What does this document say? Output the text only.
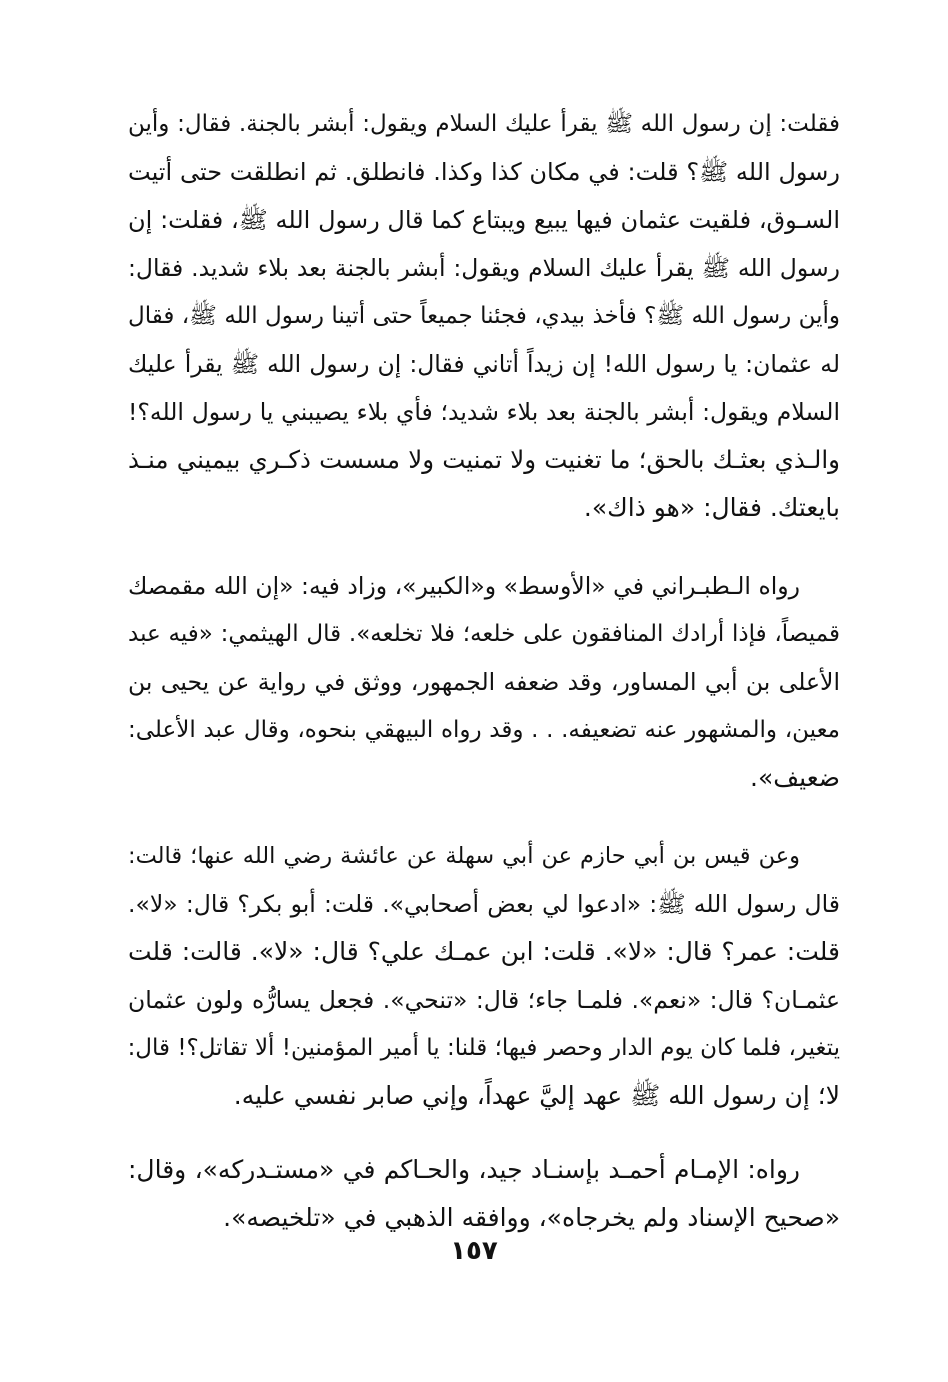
فقلت: إن رسول الله ﷺ يقرأ عليك السلام ويقول: أبشر بالجنة. فقال: وأين
رسول الله ﷺ؟ قلت: في مكان كذا وكذا. فانطلق. ثم انطلقت حتى أتيت
السـوق، فلقيت عثمان فيها يبيع ويبتاع كما قال رسول الله ﷺ، فقلت: إن
رسول الله ﷺ يقرأ عليك السلام ويقول: أبشر بالجنة بعد بلاء شديد. فقال:
وأين رسول الله ﷺ؟ فأخذ بيدي، فجئنا جميعاً حتى أتينا رسول الله ﷺ، فقال
له عثمان: يا رسول الله! إن زيداً أتاني فقال: إن رسول الله ﷺ يقرأ عليك
السلام ويقول: أبشر بالجنة بعد بلاء شديد؛ فأي بلاء يصيبني يا رسول الله؟!
والـذي بعثـك بالحق؛ ما تغنيت ولا تمنيت ولا مسست ذكـري بيميني منـذ
بايعتك. فقال: «هو ذاك».
رواه الـطبـراني في «الأوسط» و«الكبير»، وزاد فيه: «إن الله مقمصك
قميصاً، فإذا أرادك المنافقون على خلعه؛ فلا تخلعه». قال الهيثمي: «فيه عبد
الأعلى بن أبي المساور، وقد ضعفه الجمهور، ووثق في رواية عن يحيى بن
معين، والمشهور عنه تضعيفه. . . وقد رواه البيهقي بنحوه، وقال عبد الأعلى:
ضعيف».
وعن قيس بن أبي حازم عن أبي سهلة عن عائشة رضي الله عنها؛ قالت:
قال رسول الله ﷺ: «ادعوا لي بعض أصحابي». قلت: أبو بكر؟ قال: «لا».
قلت: عمر؟ قال: «لا». قلت: ابن عمـك علي؟ قال: «لا». قالت: قلت
عثمـان؟ قال: «نعم». فلمـا جاء؛ قال: «تنحي». فجعل يسارُّه ولون عثمان
يتغير، فلما كان يوم الدار وحصر فيها؛ قلنا: يا أمير المؤمنين! ألا تقاتل؟! قال:
لا؛ إن رسول الله ﷺ عهد إليَّ عهداً، وإني صابر نفسي عليه.
رواه: الإمـام أحمـد بإسنـاد جيد، والحـاكم في «مستـدركه»، وقال:
«صحيح الإسناد ولم يخرجاه»، ووافقه الذهبي في «تلخيصه».
١٥٧
